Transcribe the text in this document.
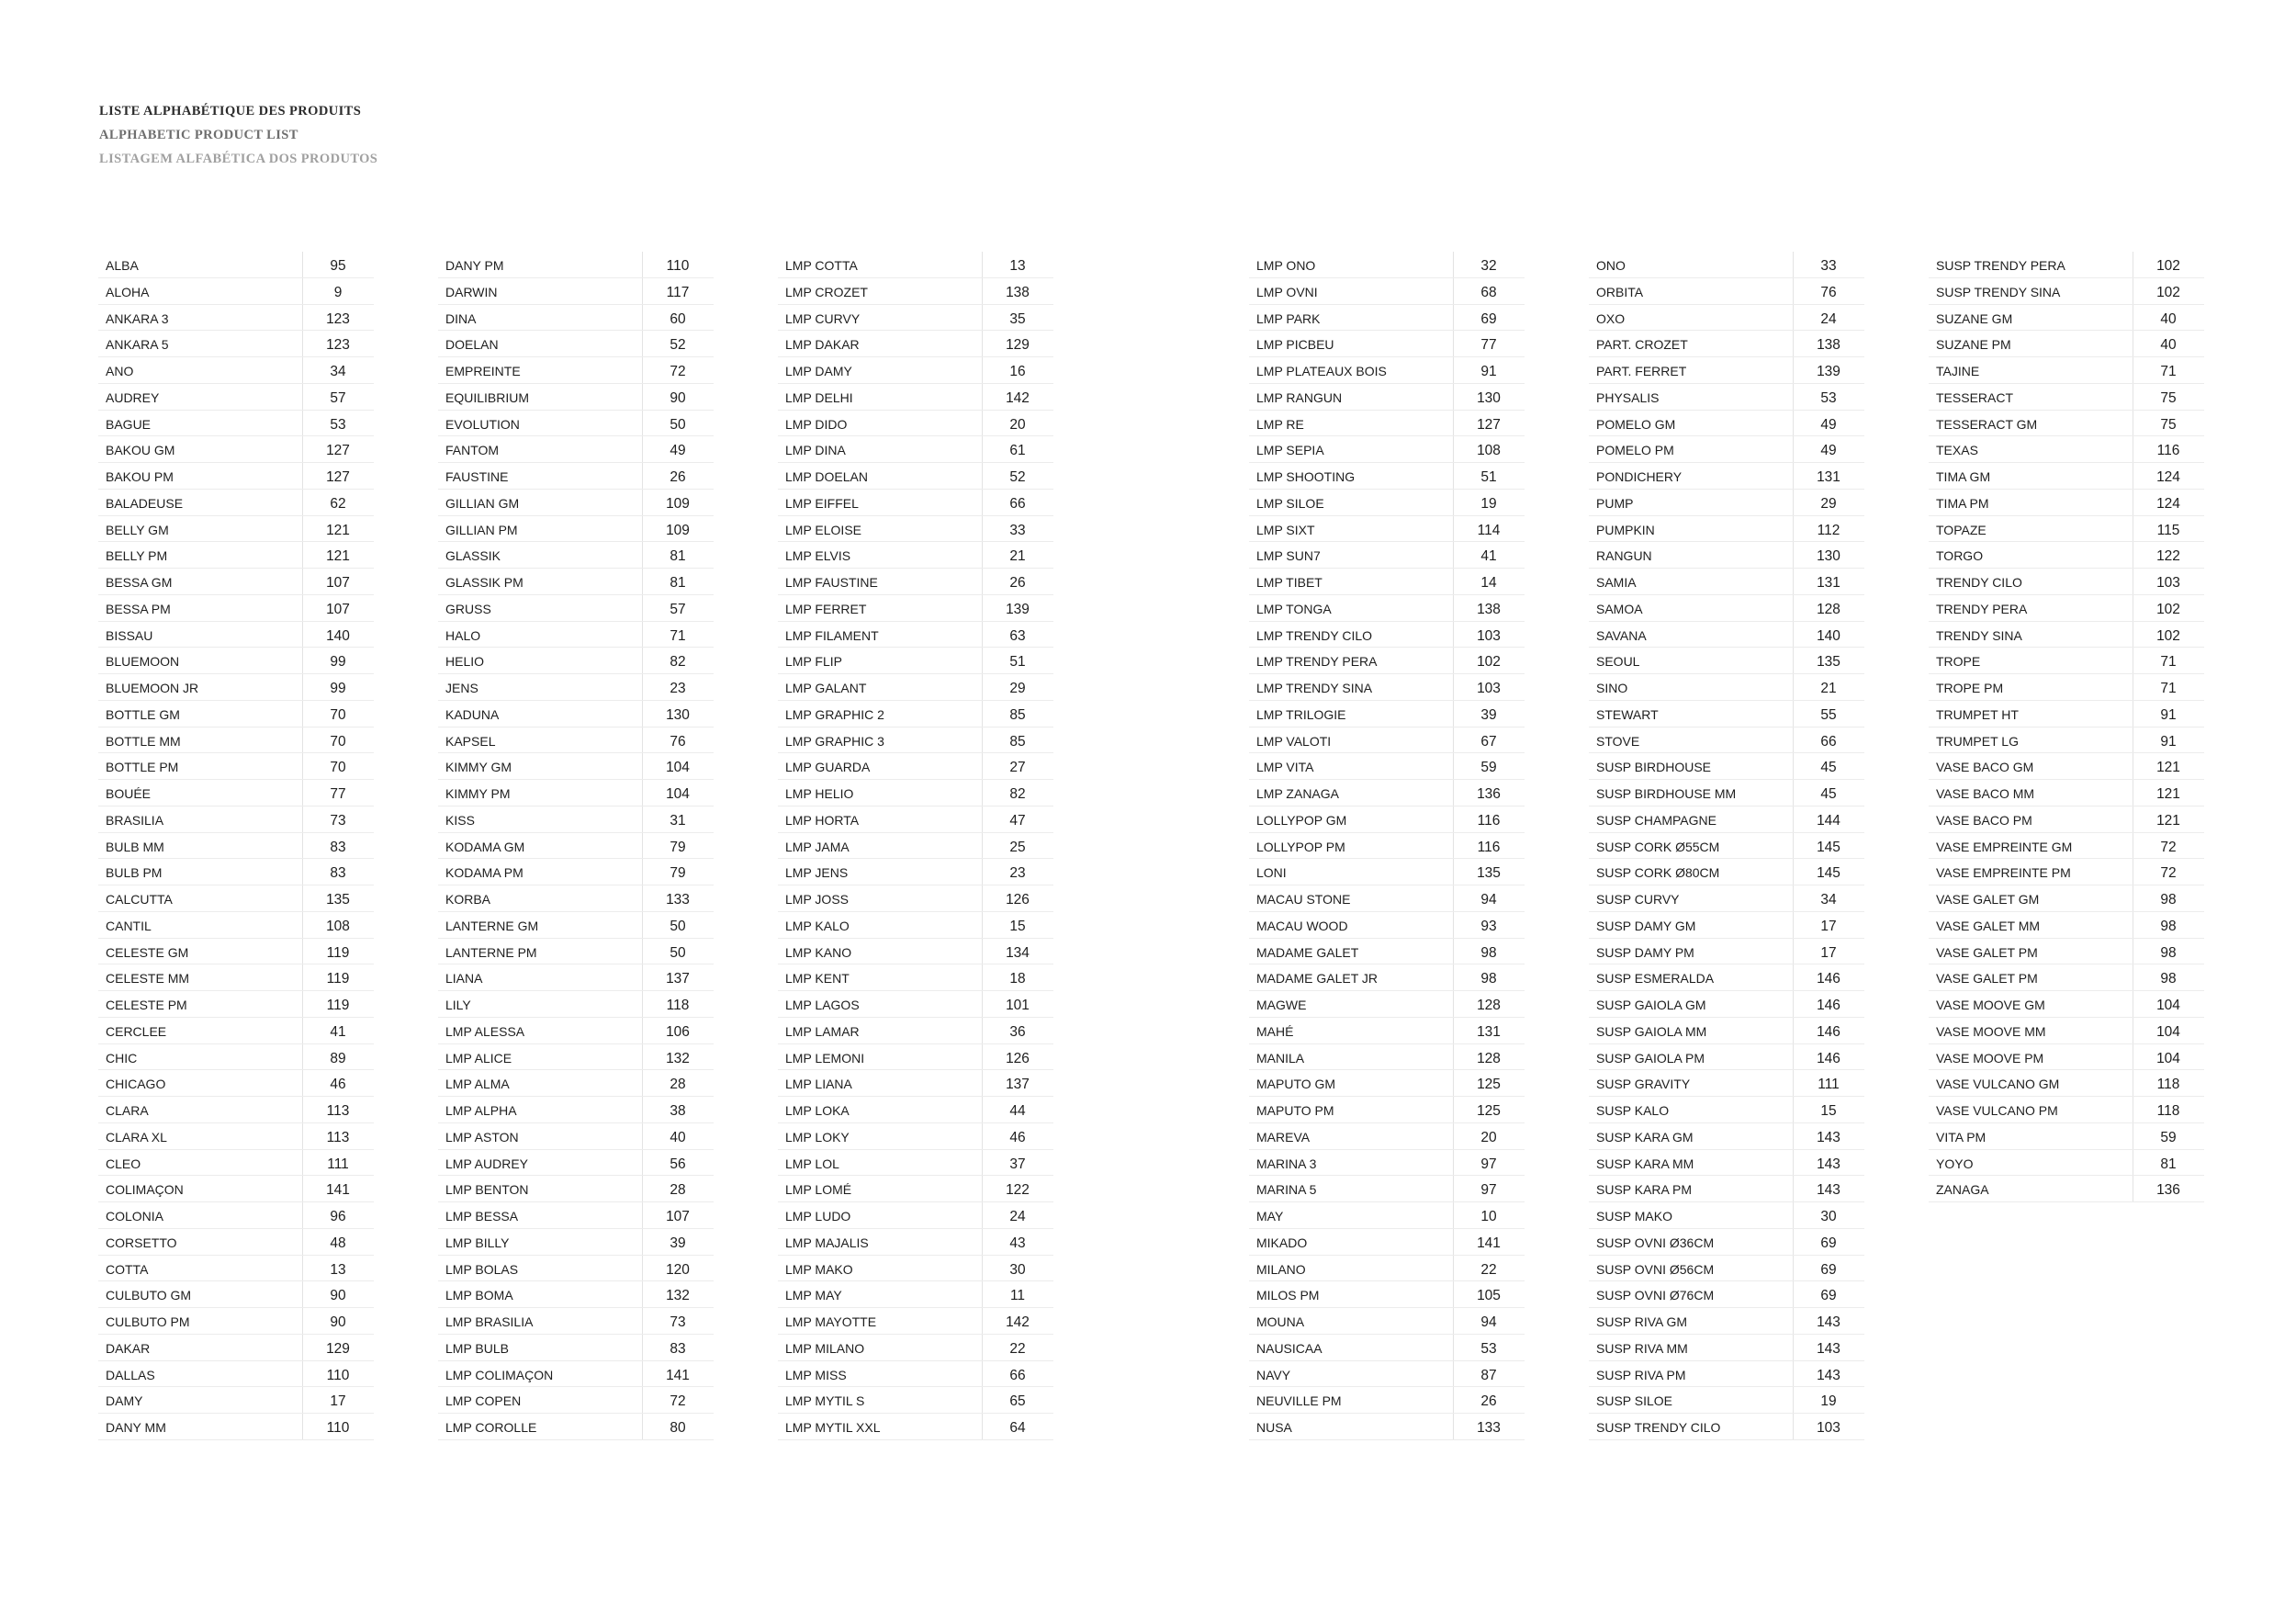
LISTE ALPHABÉTIQUE DES PRODUITS
ALPHABETIC PRODUCT LIST
LISTAGEM ALFABÉTICA DOS PRODUTOS
ALBA	95
ALOHA	9
ANKARA 3	123
ANKARA 5	123
ANO	34
AUDREY	57
BAGUE	53
BAKOU GM	127
BAKOU PM	127
BALADEUSE	62
BELLY GM	121
BELLY PM	121
BESSA GM	107
BESSA PM	107
BISSAU	140
BLUEMOON	99
BLUEMOON JR	99
BOTTLE GM	70
BOTTLE MM	70
BOTTLE PM	70
BOUÉE	77
BRASILIA	73
BULB MM	83
BULB PM	83
CALCUTTA	135
CANTIL	108
CELESTE GM	119
CELESTE MM	119
CELESTE PM	119
CERCLEE	41
CHIC	89
CHICAGO	46
CLARA	113
CLARA XL	113
CLEO	111
COLIMAÇON	141
COLONIA	96
CORSETTO	48
COTTA	13
CULBUTO GM	90
CULBUTO PM	90
DAKAR	129
DALLAS	110
DAMY	17
DANY MM	110
DANY PM	110
DARWIN	117
DINA	60
DOELAN	52
EMPREINTE	72
EQUILIBRIUM	90
EVOLUTION	50
FANTOM	49
FAUSTINE	26
GILLIAN GM	109
GILLIAN PM	109
GLASSIK	81
GLASSIK PM	81
GRUSS	57
HALO	71
HELIO	82
JENS	23
KADUNA	130
KAPSEL	76
KIMMY GM	104
KIMMY PM	104
KISS	31
KODAMA GM	79
KODAMA PM	79
KORBA	133
LANTERNE GM	50
LANTERNE PM	50
LIANA	137
LILY	118
LMP ALESSA	106
LMP ALICE	132
LMP ALMA	28
LMP ALPHA	38
LMP ASTON	40
LMP AUDREY	56
LMP BENTON	28
LMP BESSA	107
LMP BILLY	39
LMP BOLAS	120
LMP BOMA	132
LMP BRASILIA	73
LMP BULB	83
LMP COLIMAÇON	141
LMP COPEN	72
LMP COROLLE	80
LMP COTTA	13
LMP CROZET	138
LMP CURVY	35
LMP DAKAR	129
LMP DAMY	16
LMP DELHI	142
LMP DIDO	20
LMP DINA	61
LMP DOELAN	52
LMP EIFFEL	66
LMP ELOISE	33
LMP ELVIS	21
LMP FAUSTINE	26
LMP FERRET	139
LMP FILAMENT	63
LMP FLIP	51
LMP GALANT	29
LMP GRAPHIC 2	85
LMP GRAPHIC 3	85
LMP GUARDA	27
LMP HELIO	82
LMP HORTA	47
LMP JAMA	25
LMP JENS	23
LMP JOSS	126
LMP KALO	15
LMP KANO	134
LMP KENT	18
LMP LAGOS	101
LMP LAMAR	36
LMP LEMONI	126
LMP LIANA	137
LMP LOKA	44
LMP LOKY	46
LMP LOL	37
LMP LOMÉ	122
LMP LUDO	24
LMP MAJALIS	43
LMP MAKO	30
LMP MAY	11
LMP MAYOTTE	142
LMP MILANO	22
LMP MISS	66
LMP MYTIL S	65
LMP MYTIL XXL	64
LMP ONO	32
LMP OVNI	68
LMP PARK	69
LMP PICBEU	77
LMP PLATEAUX BOIS	91
LMP RANGUN	130
LMP RE	127
LMP SEPIA	108
LMP SHOOTING	51
LMP SILOE	19
LMP SIXT	114
LMP SUN7	41
LMP TIBET	14
LMP TONGA	138
LMP TRENDY CILO	103
LMP TRENDY PERA	102
LMP TRENDY SINA	103
LMP TRILOGIE	39
LMP VALOTI	67
LMP VITA	59
LMP ZANAGA	136
LOLLYPOP GM	116
LOLLYPOP PM	116
LONI	135
MACAU STONE	94
MACAU WOOD	93
MADAME GALET	98
MADAME GALET JR	98
MAGWE	128
MAHÉ	131
MANILA	128
MAPUTO GM	125
MAPUTO PM	125
MAREVA	20
MARINA 3	97
MARINA 5	97
MAY	10
MIKADO	141
MILANO	22
MILOS PM	105
MOUNA	94
NAUSICAA	53
NAVY	87
NEUVILLE PM	26
NUSA	133
ONO	33
ORBITA	76
OXO	24
PART. CROZET	138
PART. FERRET	139
PHYSALIS	53
POMELO GM	49
POMELO PM	49
PONDICHERY	131
PUMP	29
PUMPKIN	112
RANGUN	130
SAMIA	131
SAMOA	128
SAVANA	140
SEOUL	135
SINO	21
STEWART	55
STOVE	66
SUSP BIRDHOUSE	45
SUSP BIRDHOUSE MM	45
SUSP CHAMPAGNE	144
SUSP CORK Ø55CM	145
SUSP CORK Ø80CM	145
SUSP CURVY	34
SUSP DAMY GM	17
SUSP DAMY PM	17
SUSP ESMERALDA	146
SUSP GAIOLA GM	146
SUSP GAIOLA MM	146
SUSP GAIOLA PM	146
SUSP GRAVITY	111
SUSP KALO	15
SUSP KARA GM	143
SUSP KARA MM	143
SUSP KARA PM	143
SUSP MAKO	30
SUSP OVNI Ø36CM	69
SUSP OVNI Ø56CM	69
SUSP OVNI Ø76CM	69
SUSP RIVA GM	143
SUSP RIVA MM	143
SUSP RIVA PM	143
SUSP SILOE	19
SUSP TRENDY CILO	103
SUSP TRENDY PERA	102
SUSP TRENDY SINA	102
SUZANE GM	40
SUZANE PM	40
TAJINE	71
TESSERACT	75
TESSERACT GM	75
TEXAS	116
TIMA GM	124
TIMA PM	124
TOPAZE	115
TORGO	122
TRENDY CILO	103
TRENDY PERA	102
TRENDY SINA	102
TROPE	71
TROPE PM	71
TRUMPET HT	91
TRUMPET LG	91
VASE BACO GM	121
VASE BACO MM	121
VASE BACO PM	121
VASE EMPREINTE GM	72
VASE EMPREINTE PM	72
VASE GALET GM	98
VASE GALET MM	98
VASE GALET PM	98
VASE GALET PM	98
VASE MOOVE GM	104
VASE MOOVE MM	104
VASE MOOVE PM	104
VASE VULCANO GM	118
VASE VULCANO PM	118
VITA PM	59
YOYO	81
ZANAGA	136
